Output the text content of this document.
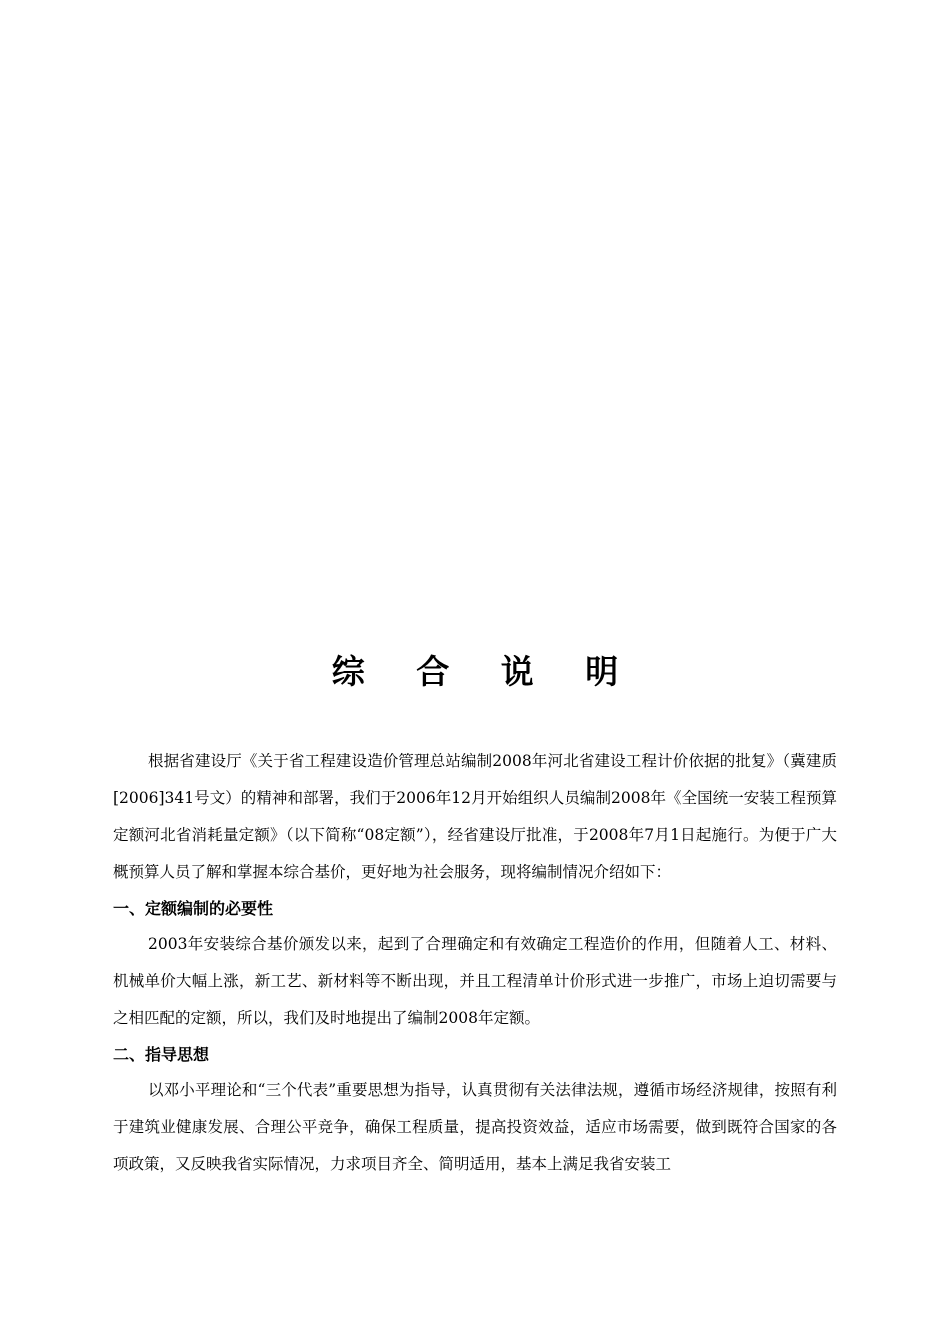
综 合 说 明

根据省建设厅《关于省工程建设造价管理总站编制2008年河北省建设工程计价依据的批复》（冀建质[2006]341号文）的精神和部署，我们于2006年12月开始组织人员编制2008年《全国统一安装工程预算定额河北省消耗量定额》（以下简称“08定额”），经省建设厅批准，于2008年7月1日起施行。为便于广大概预算人员了解和掌握本综合基价，更好地为社会服务，现将编制情况介绍如下：

一、定额编制的必要性

2003年安装综合基价颁发以来，起到了合理确定和有效确定工程造价的作用，但随着人工、材料、机械单价大幅上涨，新工艺、新材料等不断出现，并且工程清单计价形式进一步推广，市场上迫切需要与之相匹配的定额，所以，我们及时地提出了编制2008年定额。

二、指导思想

以邓小平理论和“三个代表”重要思想为指导，认真贯彻有关法律法规，遵循市场经济规律，按照有利于建筑业健康发展、合理公平竞争，确保工程质量，提高投资效益，适应市场需要，做到既符合国家的各项政策，又反映我省实际情况，力求项目齐全、简明适用，基本上满足我省安装工
